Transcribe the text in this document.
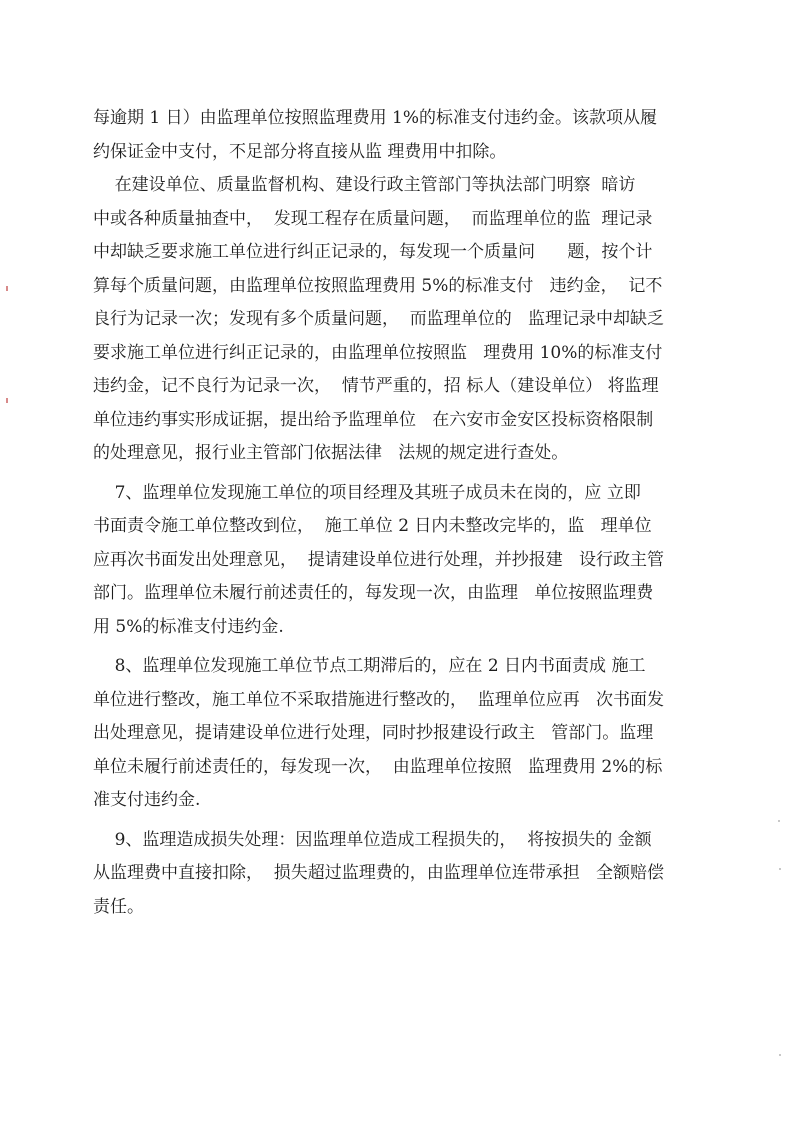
每逾期 1 日）由监理单位按照监理费用 1%的标准支付违约金。该款项从履
约保证金中支付，不足部分将直接从监 理费用中扣除。
在建设单位、质量监督机构、建设行政主管部门等执法部门明察  暗访
中或各种质量抽查中，  发现工程存在质量问题，  而监理单位的监  理记录
中却缺乏要求施工单位进行纠正记录的，每发现一个质量问      题，按个计
算每个质量问题，由监理单位按照监理费用 5%的标准支付   违约金，  记不
良行为记录一次；发现有多个质量问题，  而监理单位的   监理记录中却缺乏
要求施工单位进行纠正记录的，由监理单位按照监   理费用 10%的标准支付
违约金，记不良行为记录一次，  情节严重的，招 标人（建设单位） 将监理
单位违约事实形成证据，提出给予监理单位   在六安市金安区投标资格限制
的处理意见，报行业主管部门依据法律   法规的规定进行查处。
7、监理单位发现施工单位的项目经理及其班子成员未在岗的，应 立即
书面责令施工单位整改到位，  施工单位 2 日内未整改完毕的，监   理单位
应再次书面发出处理意见，  提请建设单位进行处理，并抄报建   设行政主管
部门。监理单位未履行前述责任的，每发现一次，由监理   单位按照监理费
用 5%的标准支付违约金.
8、监理单位发现施工单位节点工期滞后的，应在 2 日内书面责成 施工
单位进行整改，施工单位不采取措施进行整改的，  监理单位应再   次书面发
出处理意见，提请建设单位进行处理，同时抄报建设行政主   管部门。监理
单位未履行前述责任的，每发现一次，  由监理单位按照   监理费用 2%的标
准支付违约金.
9、监理造成损失处理：因监理单位造成工程损失的，  将按损失的 金额
从监理费中直接扣除，  损失超过监理费的，由监理单位连带承担   全额赔偿
责任。
